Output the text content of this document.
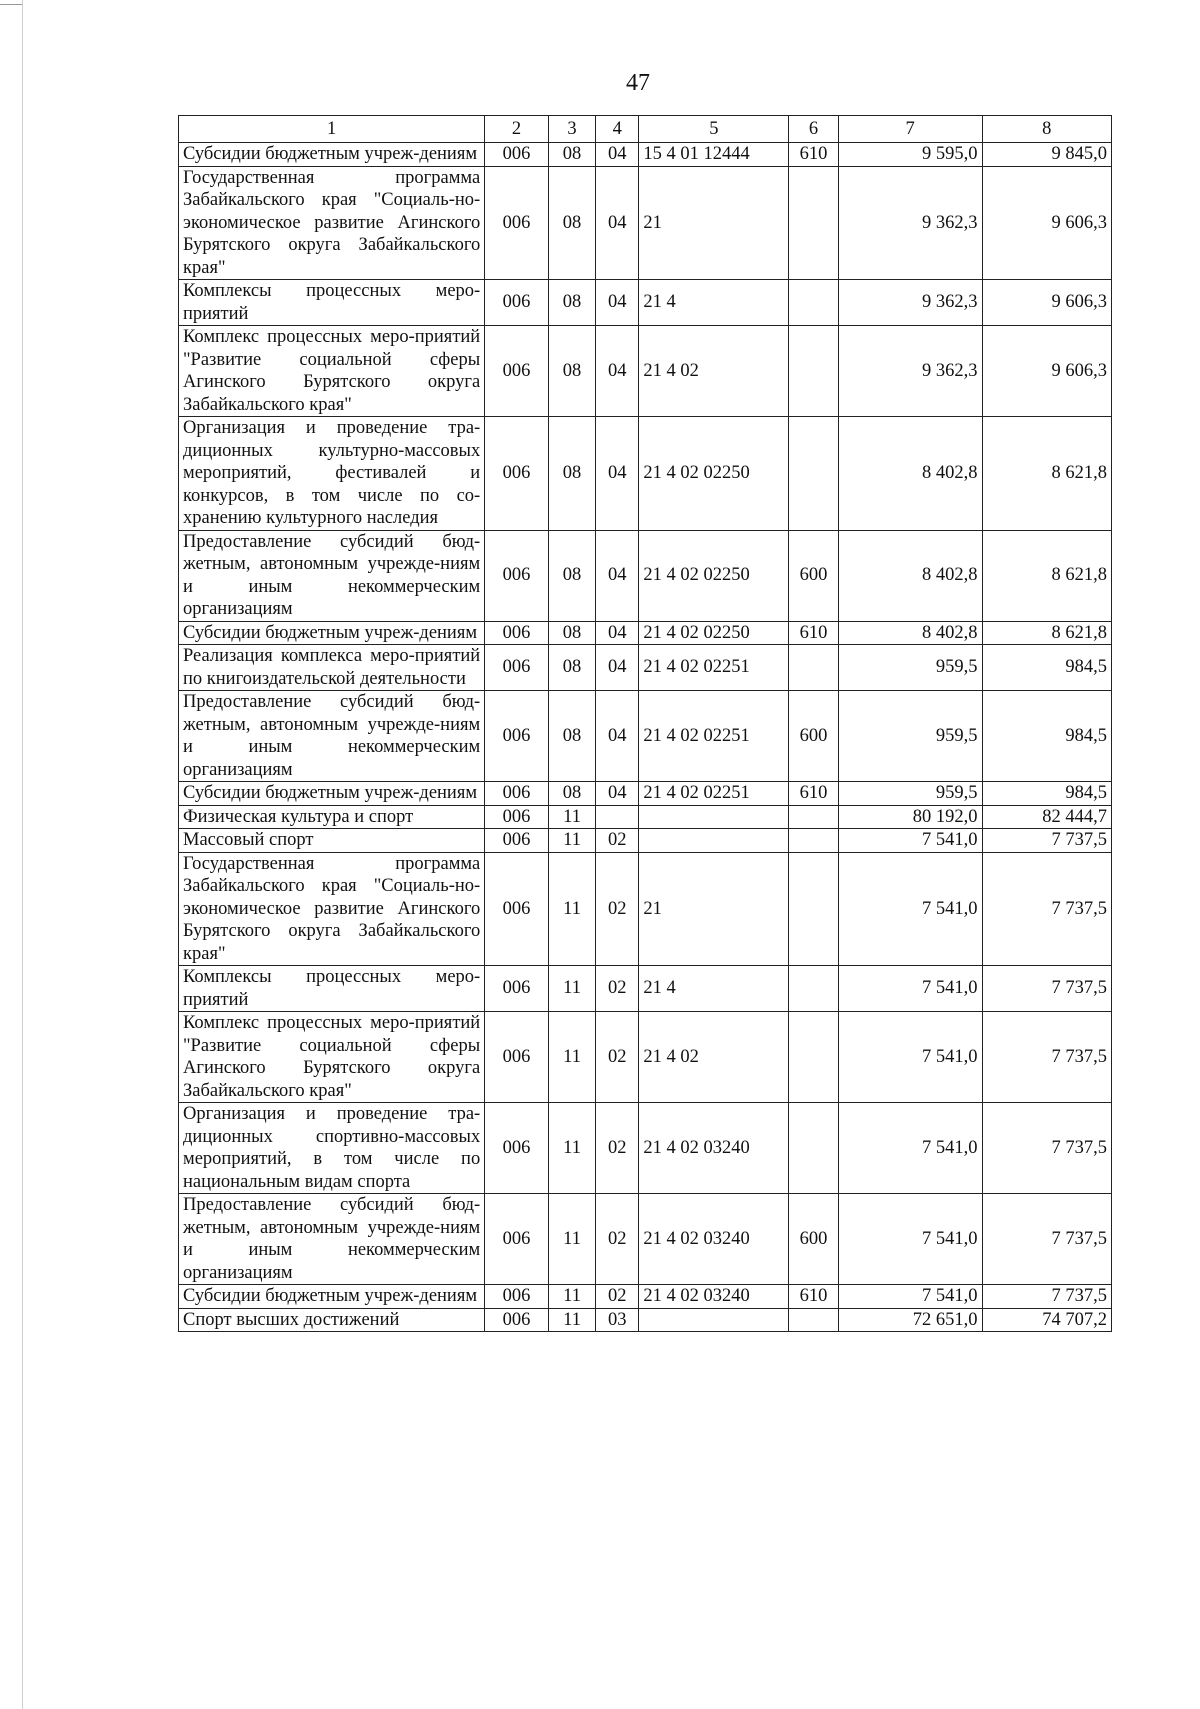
47
1	2	3	4	5	6	7	8
Субсидии бюджетным учреж-дениям	006	08	04	15 4 01 12444	610	9 595,0	9 845,0
Государственная программа Забайкальского края "Социаль-но-экономическое развитие Агинского Бурятского округа Забайкальского края"	006	08	04	21		9 362,3	9 606,3
Комплексы процессных меро-приятий	006	08	04	21 4		9 362,3	9 606,3
Комплекс процессных меро-приятий "Развитие социальной сферы Агинского Бурятского округа Забайкальского края"	006	08	04	21 4 02		9 362,3	9 606,3
Организация и проведение тра-диционных культурно-массовых мероприятий, фестивалей и конкурсов, в том числе по со-хранению культурного наследия	006	08	04	21 4 02 02250		8 402,8	8 621,8
Предоставление субсидий бюд-жетным, автономным учрежде-ниям и иным некоммерческим организациям	006	08	04	21 4 02 02250	600	8 402,8	8 621,8
Субсидии бюджетным учреж-дениям	006	08	04	21 4 02 02250	610	8 402,8	8 621,8
Реализация комплекса меро-приятий по книгоиздательской деятельности	006	08	04	21 4 02 02251		959,5	984,5
Предоставление субсидий бюд-жетным, автономным учрежде-ниям и иным некоммерческим организациям	006	08	04	21 4 02 02251	600	959,5	984,5
Субсидии бюджетным учреж-дениям	006	08	04	21 4 02 02251	610	959,5	984,5
Физическая культура и спорт	006	11				80 192,0	82 444,7
Массовый спорт	006	11	02			7 541,0	7 737,5
Государственная программа Забайкальского края "Социаль-но-экономическое развитие Агинского Бурятского округа Забайкальского края"	006	11	02	21		7 541,0	7 737,5
Комплексы процессных меро-приятий	006	11	02	21 4		7 541,0	7 737,5
Комплекс процессных меро-приятий "Развитие социальной сферы Агинского Бурятского округа Забайкальского края"	006	11	02	21 4 02		7 541,0	7 737,5
Организация и проведение тра-диционных спортивно-массовых мероприятий, в том числе по национальным видам спорта	006	11	02	21 4 02 03240		7 541,0	7 737,5
Предоставление субсидий бюд-жетным, автономным учрежде-ниям и иным некоммерческим организациям	006	11	02	21 4 02 03240	600	7 541,0	7 737,5
Субсидии бюджетным учреж-дениям	006	11	02	21 4 02 03240	610	7 541,0	7 737,5
Спорт высших достижений	006	11	03			72 651,0	74 707,2
